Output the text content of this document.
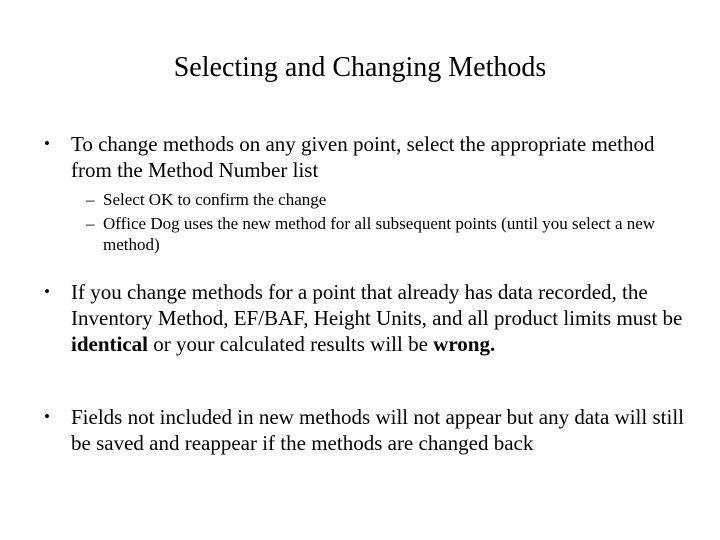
Selecting and Changing Methods
•	To change methods on any given point, select the appropriate method from the Method Number list
– Select OK to confirm the change
– Office Dog uses the new method for all subsequent points (until you select a new method)
•	If you change methods for a point that already has data recorded, the Inventory Method, EF/BAF, Height Units, and all product limits must be identical or your calculated results will be wrong.
•	Fields not included in new methods will not appear but any data will still be saved and reappear if the methods are changed back
